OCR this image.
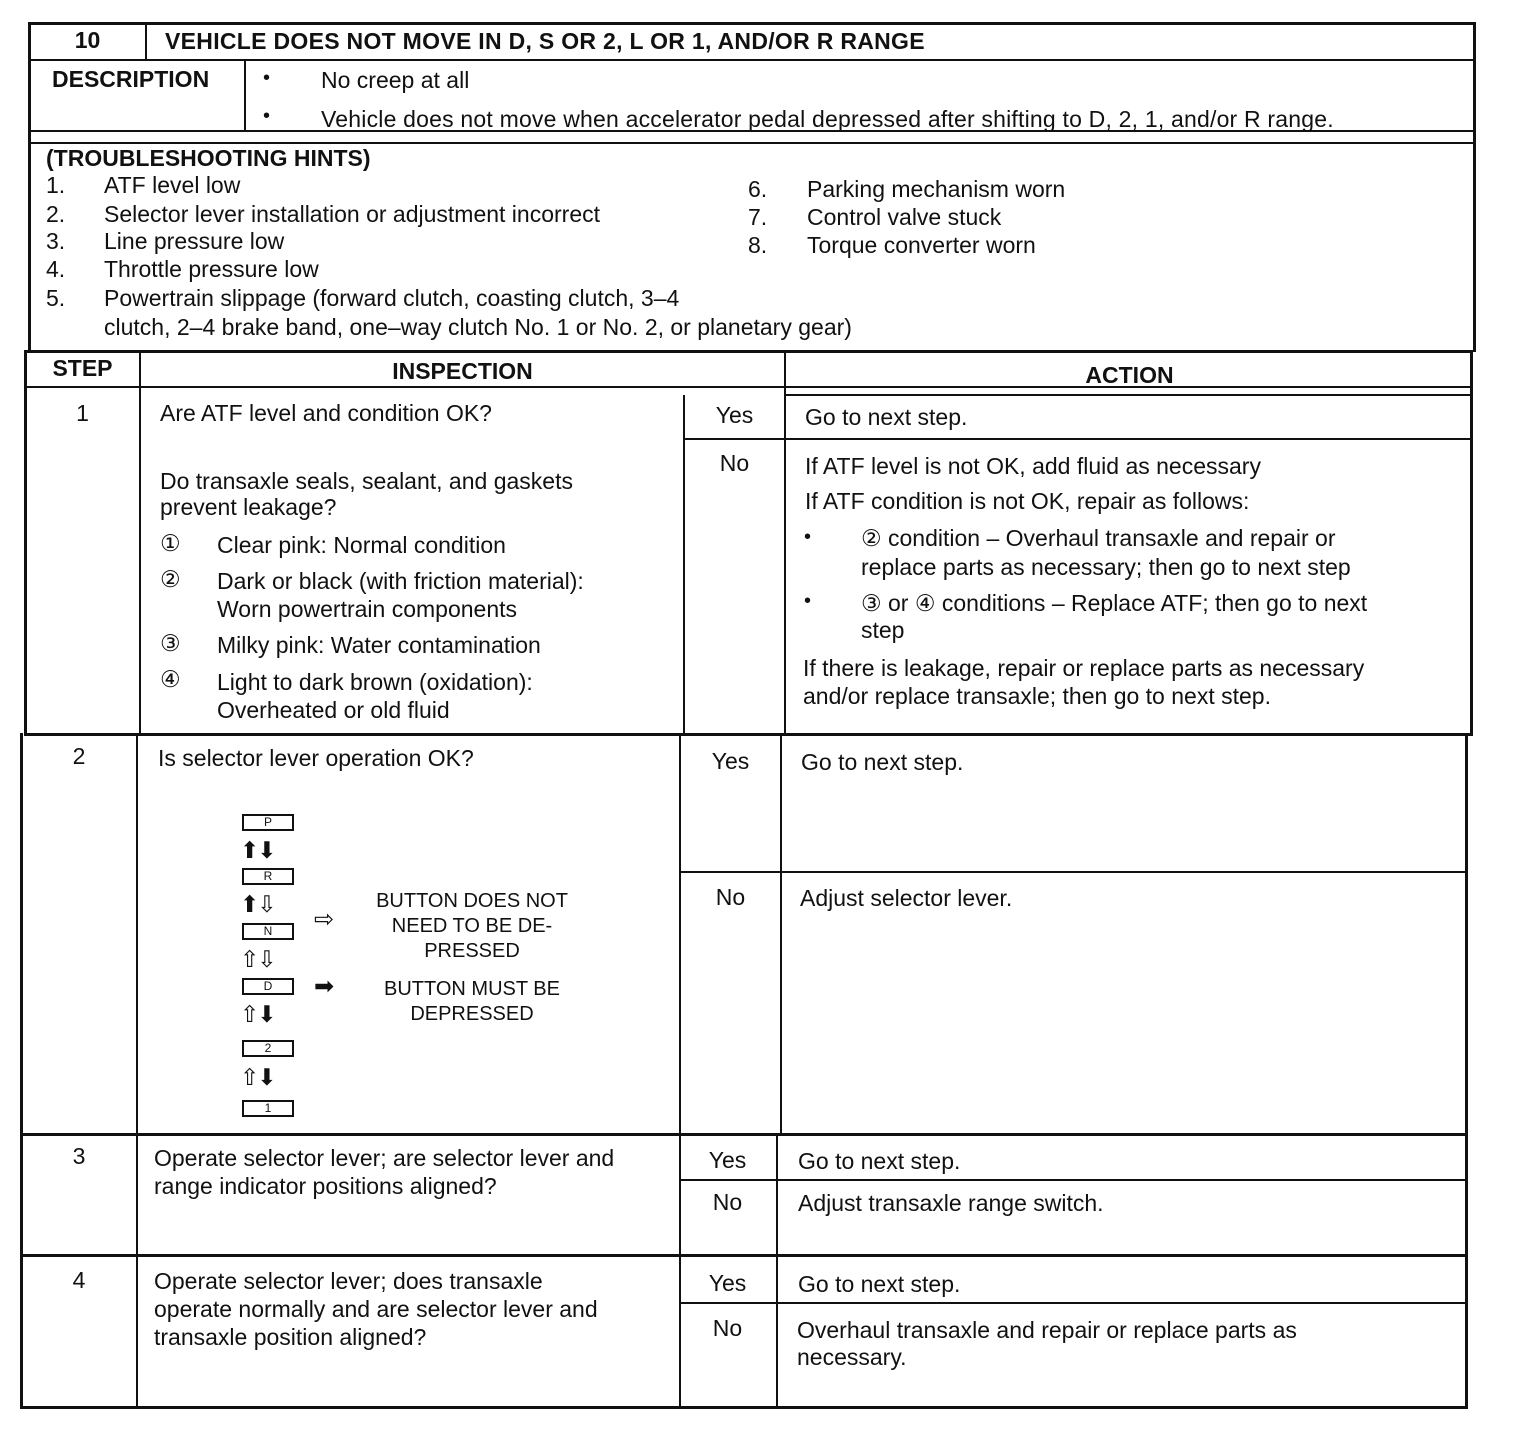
10	VEHICLE DOES NOT MOVE IN D, S OR 2, L OR 1, AND/OR R RANGE
DESCRIPTION	• No creep at all
• Vehicle does not move when accelerator pedal depressed after shifting to D, 2, 1, and/or R range.
(TROUBLESHOOTING HINTS)
1. ATF level low
2. Selector lever installation or adjustment incorrect
3. Line pressure low
4. Throttle pressure low
5. Powertrain slippage (forward clutch, coasting clutch, 3–4
clutch, 2–4 brake band, one–way clutch No. 1 or No. 2, or planetary gear)
6. Parking mechanism worn
7. Control valve stuck
8. Torque converter worn
STEP	INSPECTION	ACTION
1	Are ATF level and condition OK?
Do transaxle seals, sealant, and gaskets
prevent leakage?
① Clear pink: Normal condition
② Dark or black (with friction material):
Worn powertrain components
③ Milky pink: Water contamination
④ Light to dark brown (oxidation):
Overheated or old fluid
Yes	Go to next step.
No	If ATF level is not OK, add fluid as necessary
If ATF condition is not OK, repair as follows:
• ② condition – Overhaul transaxle and repair or
replace parts as necessary; then go to next step
• ③ or ④ conditions – Replace ATF; then go to next
step
If there is leakage, repair or replace parts as necessary
and/or replace transaxle; then go to next step.
2	Is selector lever operation OK?
P
⬆⬇
R
⬆⇩
N
⇧⇩
D
⇧⬇
2
⇧⬇
1
⇨
BUTTON DOES NOT
NEED TO BE DE-
PRESSED
➡	BUTTON MUST BE
DEPRESSED
Yes	Go to next step.
No	Adjust selector lever.
3	Operate selector lever; are selector lever and
range indicator positions aligned?
Yes	Go to next step.
No	Adjust transaxle range switch.
4	Operate selector lever; does transaxle
operate normally and are selector lever and
transaxle position aligned?
Yes	Go to next step.
No	Overhaul transaxle and repair or replace parts as
necessary.
